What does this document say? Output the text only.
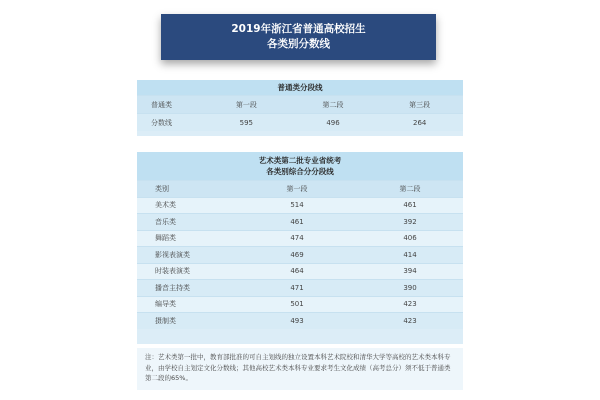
2019年浙江省普通高校招生
各类别分数线
普通类分段线
普通类	第一段	第二段	第三段
分数线	595	496	264
艺术类第二批专业省统考
各类别综合分分段线
类别	第一段	第二段
美术类	514	461
音乐类	461	392
舞蹈类	474	406
影视表演类	469	414
时装表演类	464	394
播音主持类	471	390
编导类	501	423
摄制类	493	423
注：艺术类第一批中，教育部批准的可自主划线的独立设置本科艺术院校和清华大学等高校的艺术类本科专业，由学校自主划定文化分数线；其他高校艺术类本科专业要求考生文化成绩（高考总分）须不低于普通类第二段的65%。
